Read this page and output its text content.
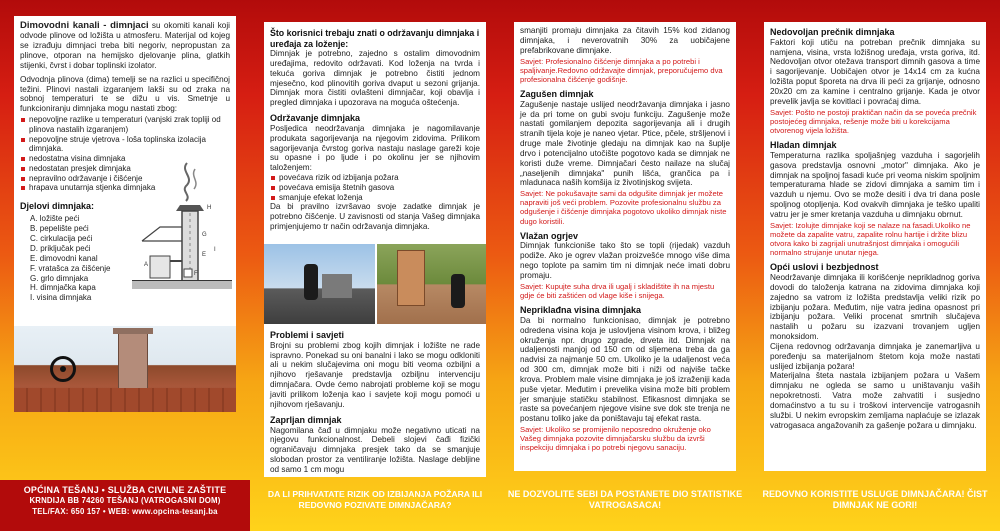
Dimovodni kanali - dimnjaci su okomiti kanali koji odvode plinove od ložišta u atmosferu. Materijal od kojeg se izrađuju dimnjaci treba biti negoriv, nepropustan za plinove, otporan na hemijsko djelovanje plina, glatkih stijenki, čvrst i dobar toplinski izolator.

Odvodnja plinova (dima) temelji se na razlici u specifičnoj težini. Plinovi nastali izgaranjem lakši su od zraka na sobnoj temperaturi te se dižu u vis. Smetnje u funkcioniranju dimnjaka mogu nastati zbog:

nepovoljne razlike u temperaturi (vanjski zrak topliji od plinova nastalih izgaranjem)
nepovoljne struje vjetrova - loša toplinska izolacija dimnjaka.
nedostatna visina dimnjaka
nedostatan presjek dimnjaka
nepravilno održavanje i čišćenje
hrapava unutarnja stjenka dimnjaka
Djelovi dimnjaka:
A. ložište peći
B. pepelište peći
C. cirkulacija peći
D. priključak peći
E. dimovodni kanal
F. vratašca za čišćenje
G. grlo dimnjaka
H. dimnjačka kapa
I. visina dimnjaka
H
G
E
A
F
I
OPĆINA TEŠANJ • SLUŽBA CIVILNE ZAŠTITE
KRNDIJA BB 74260 TEŠANJ (VATROGASNI DOM)
TEL/FAX: 650 157 • WEB: www.opcina-tesanj.ba
Što korisnici trebaju znati o održavanju dimnjaka i uređaja za loženje:

Dimnjak je potrebno, zajedno s ostalim dimovodnim uređajima, redovito održavati. Kod loženja na tvrda i tekuća goriva dimnjak je potrebno čistiti jednom mjesečno, kod plinovitih goriva dvaput u sezoni grijanja. Dimnjak mora čistiti ovlašteni dimnjačar, koji obavlja i pregled dimnjaka i upozorava na moguća oštećenja.

Održavanje dimnjaka

Posljedica neodržavanja dimnjaka je nagomilavanje produkata sagorijevanja na njegovim zidovima. Prilikom sagorijevanja čvrstog goriva nastaju naslage gareži koje su opasne i po ljude i po okolinu jer se njihovim taloženjem:

povećava rizik od izbijanja požara
povećava emisija štetnih gasova
smanjuje efekat loženja

Da bi pravilno izvršavao svoje zadatke dimnjak je potrebno čišćenje. U zavisnosti od stanja Vašeg dimnjaka primjenjujemo tr način održavanja dimnjaka.

Problemi i savjeti

Brojni su problemi zbog kojih dimnjak i ložište ne rade ispravno. Ponekad su oni banalni i lako se mogu odkloniti ali u nekim slučajevima oni mogu biti veoma ozbiljni a njihovo rješavanje predstavlja ozbiljnu intervenciju dimnjačara. Ovde ćemo nabrojati probleme koji se mogu javiti prilikom loženja kao i savjete koji mogu pomoći u njihovom rješavanju.

Zaprljan dimnjak

Nagomilana čađ u dimnjaku može negativno uticati na njegovu funkcionalnost. Debeli slojevi čađi fizički ograničavaju dimnjaka presjek tako da se smanjuje slobodan prostor za ventiliranje ložišta. Naslage debljine od samo 1 cm mogu

DA LI PRIHVATATE RIZIK OD IZBIJANJA POŽARA ILI REDOVNO POZIVATE DIMNJAČARA?

smanjiti promaju dimnjaka za čitavih 15% kod zidanog dimnjaka, i neverovatnih 30% za uobičajene prefabrikovane dimnjake.

Savjet: Profesionalno čišćenje dimnjaka a po potrebi i spaljivanje.Redovno održavajte dimnjak, preporučujemo dva profesionalna čišćenje godišnje.

Zagušen dimnjak

Zagušenje nastaje uslijed neodržavanja dimnjaka i jasno je da pri tome on gubi svoju funkciju. Zagušenje može nastati gomilanjem depozita sagorijevanja ali i drugih stranih tijela koje je naneo vjetar. Ptice, pčele, stršljenovi i druge male životinje gledaju na dimnjak kao na šuplje drvo i potencijalno utočište pogotovo kada se dimnjak ne koristi duže vreme. Dimnjačari često nailaze na slučaj „naseljenih dimnjaka" punih lišća, grančica pa i mladunaca naših komšija iz životinjskog svijeta.

Savjet: Ne pokušavajte sami da odgušite dimnjak jer možete napraviti još veći problem. Pozovite profesionalnu službu za odgušenje i čišćenje dimnjaka pogotovo ukoliko dimnjak niste dugo koristili.

Vlažan ogrjev

Dimnjak funkcioniše tako što se topli (rijedak) vazduh podiže. Ako je ogrev vlažan proizvešće mnogo više dima nego toplote pa samim tim ni dimnjak neće imati dobru promaju.

Savjet: Kupujte suha drva ili ugalj i skladištite ih na mjestu gdje će biti zaštićen od vlage kiše i snijega.

Nepriklađna visina dimnjaka

Da bi normalno funkcionisao, dimnjak je potrebno odredena visina koja je uslovljena visinom krova, i bližeg okruženja npr. drugo zgrade, drveta itd. Dimnjak na udaljenosti manjoj od 150 cm od sljemena treba da ga nadvisi za najmanje 50 cm. Ukoliko je la udaljenost veća od 300 cm, dimnjak može biti i niži od najviše tačke krova. Problem male visine dimnjaka je još izraženiji kada puše vjetar. Međutim i prevelika visina može biti problem jer smanjuje statičku stabilnost. Efikasnost dimnjaka se raste sa povećanjem njegove visine sve dok ste trenja ne postanu toliko jake da poništavaju taj efekat rasta.

Savjet: Ukoliko se promijenilo neposredno okruženje oko Vašeg dimnjaka pozovite dimnjačarsku službu da izvrši inspekciju dimnjaka i po potrebi njegovu sanaciju.

NE DOZVOLITE SEBI DA POSTANETE DIO STATISTIKE VATROGASACA!
Nedovoljan prečnik dimnjaka

Faktori koji utiču na potreban prečnik dimnjaka su namjena, visina, vrsta ložišnog uređaja, vrsta goriva, itd. Nedovoljan otvor otežava transport dimnih gasova a time i sagorijevanje. Uobičajen otvor je 14x14 cm za kućna ložišta poput šporeta na drva ili peći za grijanje, odnosno 20x20 cm za kamine i centralno grijanje. Kada je otvor prevelik javlja se kovitlaci i povraćaj dima.

Savjet: Pošto ne postoji praktičan način da se poveća prečnik postojećeg dimnjaka, rešenje može biti u korekcijama otvorenog vijela ložišta.

Hladan dimnjak

Temperaturna razlika spoljašnjeg vazduha i sagorjelih gasova predstavlja osnovni „motor" dimnjaka. Ako je dimnjak na spoljnoj fasadi kuće pri veoma niskim spoljnim temperaturama hlade se zidovi dimnjaka a samim tim i vazduh u njemu. Ovo se može desiti i dva tri dana posle spoljnog otopljenja. Kod ovakvih dimnjaka je teško upaliti vatru jer je smer kretanja vazduha u dimnjaku obrnut.

Savjet: Izolujte dimnjake koji se nalaze na fasadi.Ukoliko ne možete da zapalite vatru, zapalite rolnu hartije i držite blizu otvora kako bi zagrijali unutrašnjost dimnjaka i omogućili normalno strujanje unutar njega.

Opći uslovi i bezbjednost

Neodržavanje dimnjaka ili korišćenje neprikladnog goriva dovodi do taloženja katrana na zidovima dimnjaka koji zajedno sa vatrom iz ložišta predstavlja veliki rizik po izbijanju požara. Međutim, nije vatra jedina opasnost pri izbijanju požara. Veliki procenat smrtnih slučajeva nastalih u požaru su izazvani trovanjem ugljen monoksidom.

Cijena redovnog održavanja dimnjaka je zanemarljiva u poređenju sa materijalnom štetom koja može nastati uslijed izbijanja požara!

Materijalna šteta nastala izbijanjem požara u Vašem dimnjaku ne ogleda se samo u uništavanju vaših nepokretnosti. Vatra može zahvatiti i susjedno domaćinstvo a tu su i troškovi intervencije vatrogasnih službi. U nekim evropskim zemljama naplaćuje se izlazak vatrogasaca angažovanih za gašenje požara u dimnjaku.

REDOVNO KORISTITE USLUGE DIMNJAČARA! ČIST DIMNJAK NE GORI!
